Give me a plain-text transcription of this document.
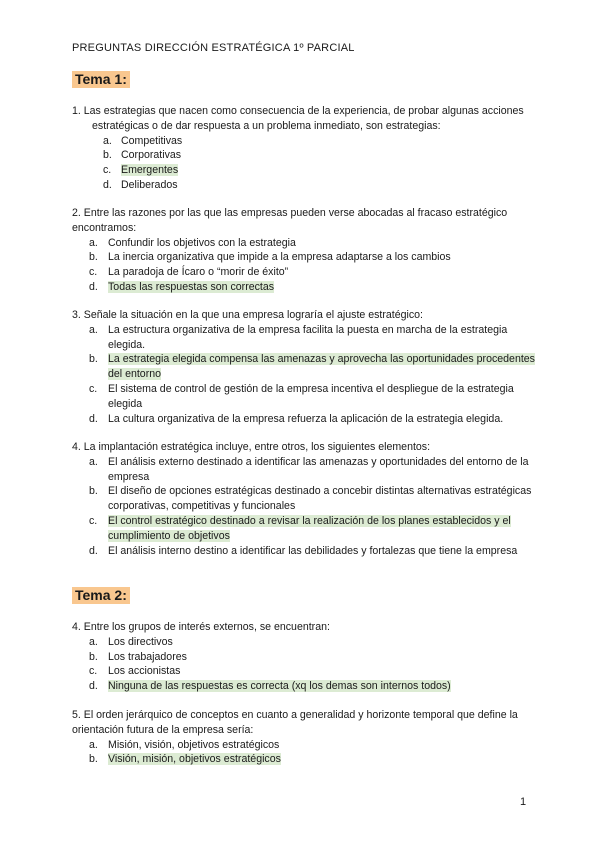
PREGUNTAS DIRECCIÓN ESTRATÉGICA 1º PARCIAL
Tema 1:
1. Las estrategias que nacen como consecuencia de la experiencia, de probar algunas acciones estratégicas o de dar respuesta a un problema inmediato, son estrategias:
a. Competitivas
b. Corporativas
c. Emergentes
d. Deliberados
2. Entre las razones por las que las empresas pueden verse abocadas al fracaso estratégico encontramos:
a. Confundir los objetivos con la estrategia
b. La inercia organizativa que impide a la empresa adaptarse a los cambios
c. La paradoja de Ícaro o “morir de éxito”
d. Todas las respuestas son correctas
3. Señale la situación en la que una empresa lograría el ajuste estratégico:
a. La estructura organizativa de la empresa facilita la puesta en marcha de la estrategia elegida.
b. La estrategia elegida compensa las amenazas y aprovecha las oportunidades procedentes del entorno
c. El sistema de control de gestión de la empresa incentiva el despliegue de la estrategia elegida
d. La cultura organizativa de la empresa refuerza la aplicación de la estrategia elegida.
4. La implantación estratégica incluye, entre otros, los siguientes elementos:
a. El análisis externo destinado a identificar las amenazas y oportunidades del entorno de la empresa
b. El diseño de opciones estratégicas destinado a concebir distintas alternativas estratégicas corporativas, competitivas y funcionales
c. El control estratégico destinado a revisar la realización de los planes establecidos y el cumplimiento de objetivos
d. El análisis interno destino a identificar las debilidades y fortalezas que tiene la empresa
Tema 2:
4. Entre los grupos de interés externos, se encuentran:
a. Los directivos
b. Los trabajadores
c. Los accionistas
d. Ninguna de las respuestas es correcta (xq los demas son internos todos)
5. El orden jerárquico de conceptos en cuanto a generalidad y horizonte temporal que define la orientación futura de la empresa sería:
a. Misión, visión, objetivos estratégicos
b. Visión, misión, objetivos estratégicos
1
